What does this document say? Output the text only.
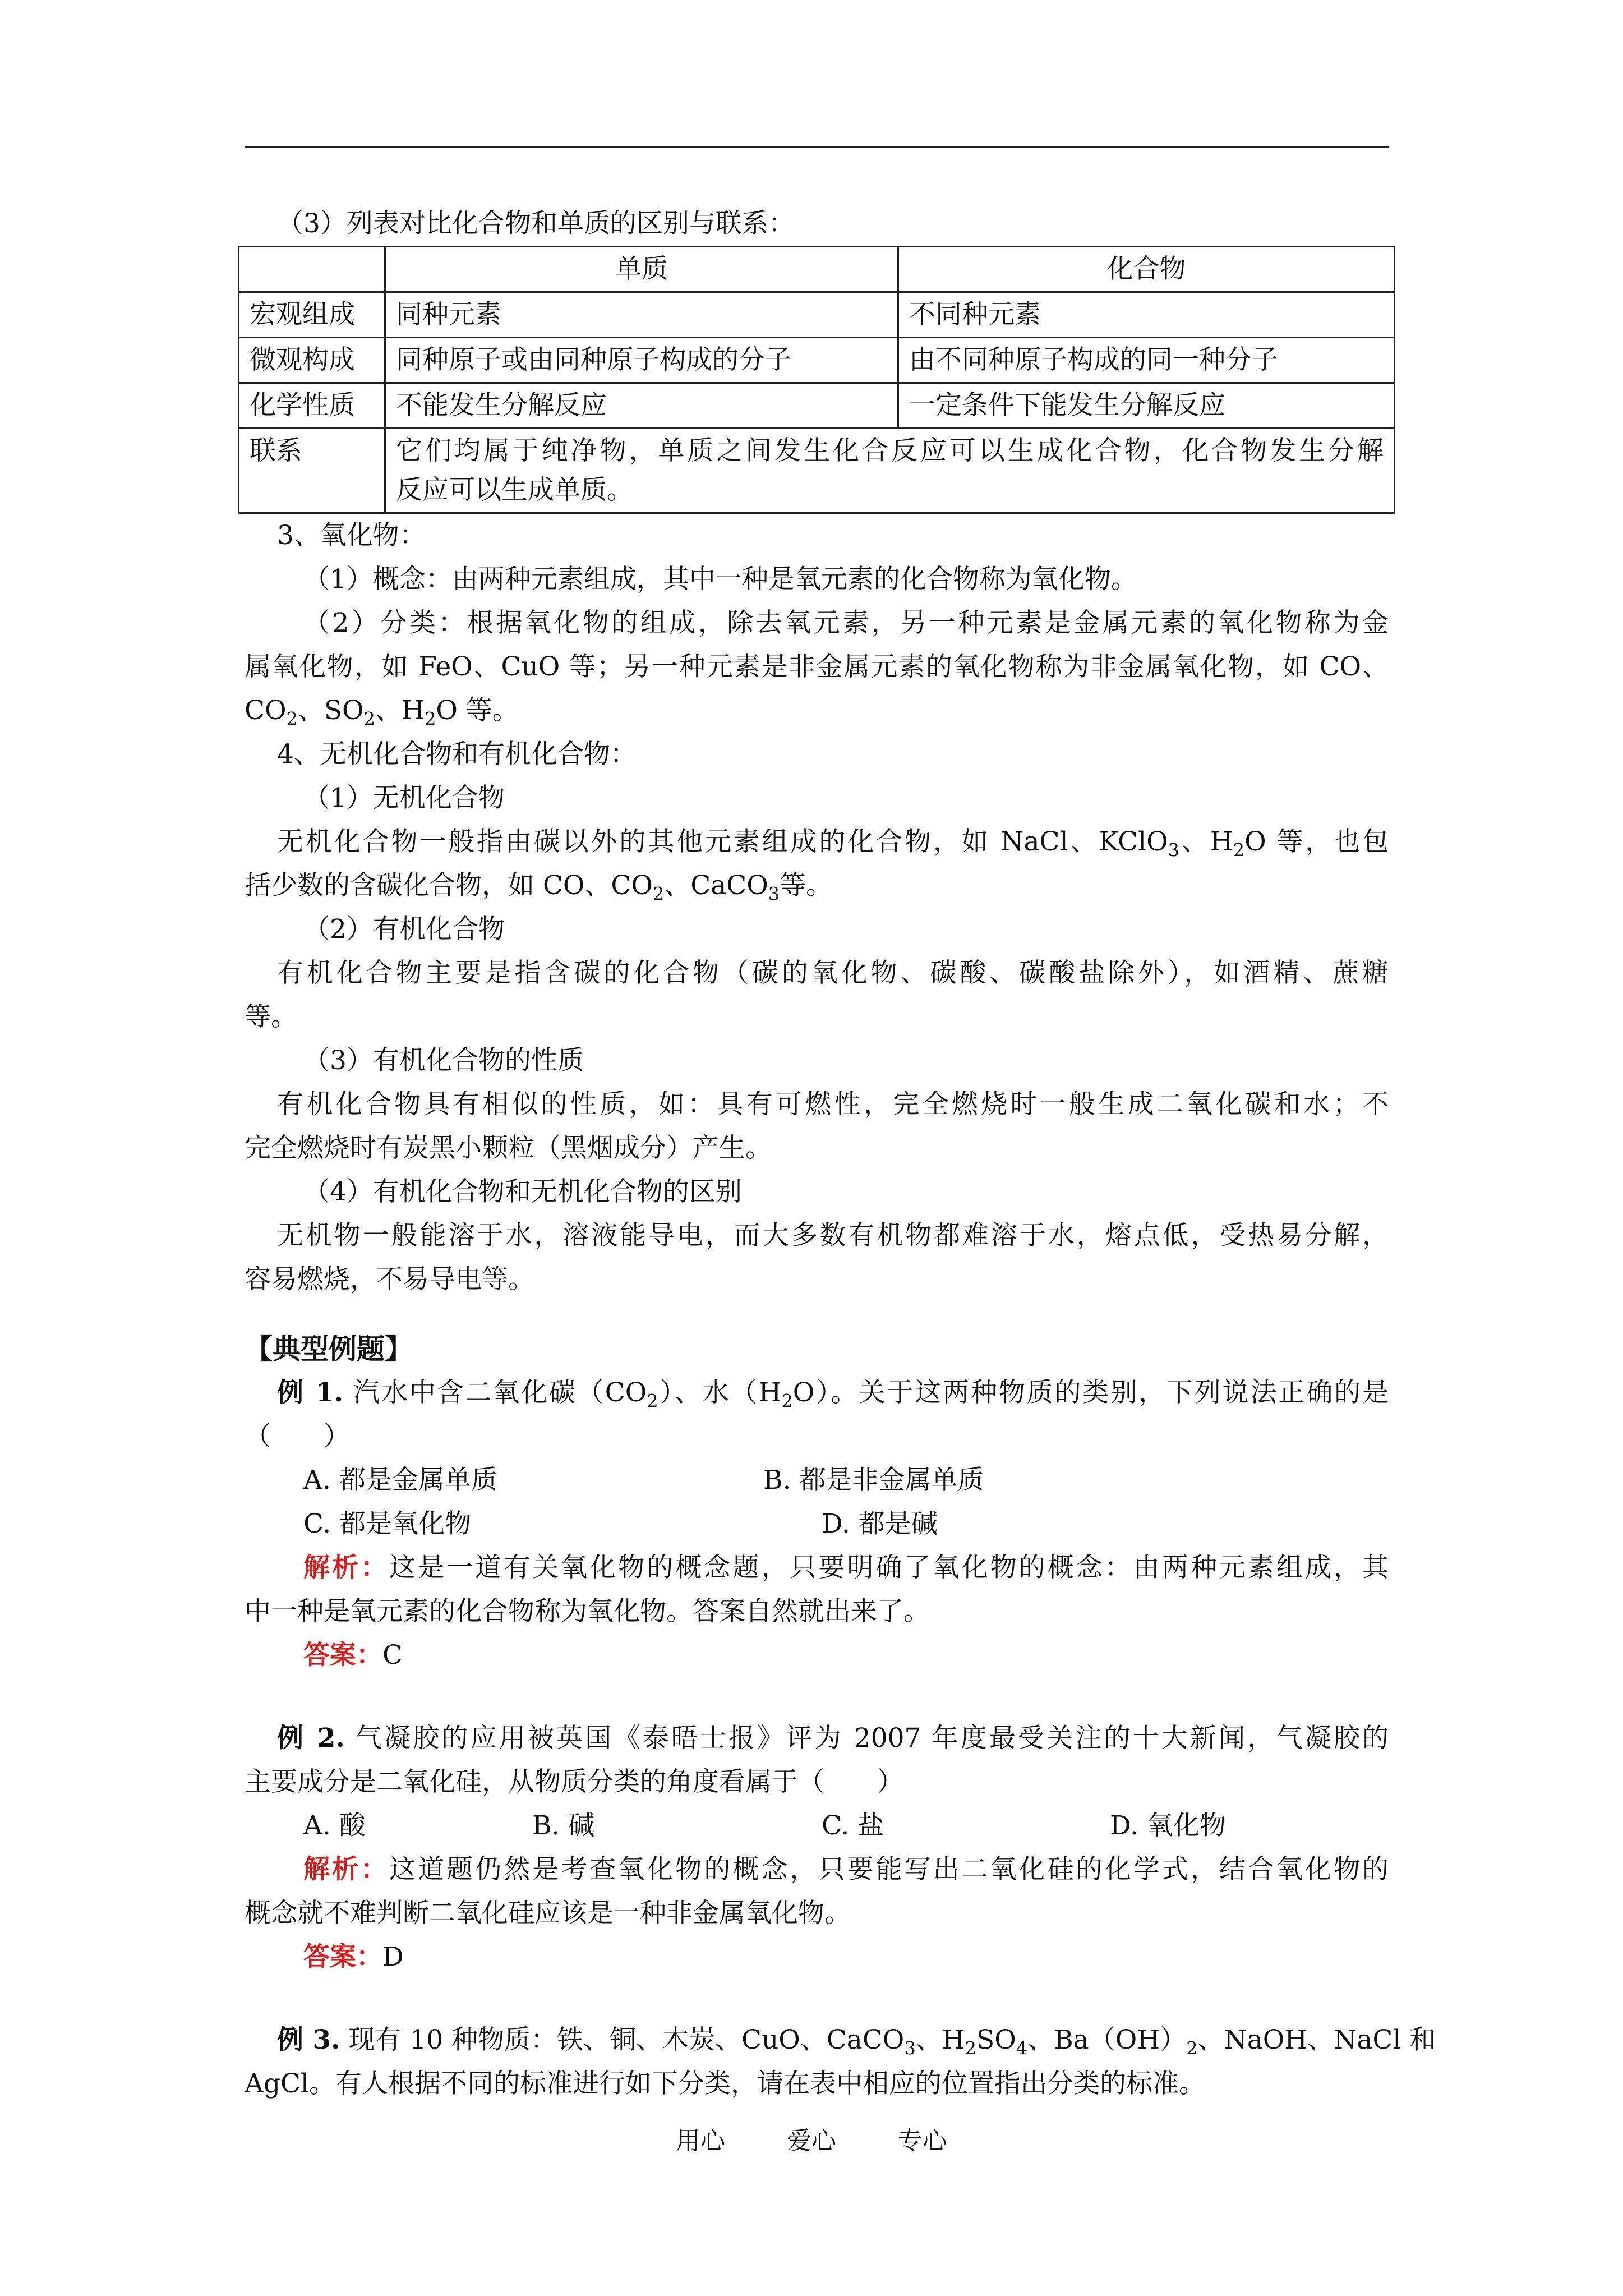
（3）列表对比化合物和单质的区别与联系：
	单质	化合物
宏观组成	同种元素	不同种元素
微观构成	同种原子或由同种原子构成的分子	由不同种原子构成的同一种分子
化学性质	不能发生分解反应	一定条件下能发生分解反应
联系	它们均属于纯净物，单质之间发生化合反应可以生成化合物，化合物发生分解
反应可以生成单质。	
3、氧化物：
（1）概念：由两种元素组成，其中一种是氧元素的化合物称为氧化物。
（2）分类：根据氧化物的组成，除去氧元素，另一种元素是金属元素的氧化物称为金
属氧化物，如 FeO、CuO 等；另一种元素是非金属元素的氧化物称为非金属氧化物，如 CO、
$CO_2$、$SO_2$、$H_2O$ 等。
4、无机化合物和有机化合物：
（1）无机化合物
无机化合物一般指由碳以外的其他元素组成的化合物，如 NaCl、KClO$_3$、$H_2O$ 等，也包
括少数的含碳化合物，如 CO、$CO_2$、CaCO$_3$等。
（2）有机化合物
有机化合物主要是指含碳的化合物（碳的氧化物、碳酸、碳酸盐除外），如酒精、蔗糖
等。
（3）有机化合物的性质
有机化合物具有相似的性质，如：具有可燃性，完全燃烧时一般生成二氧化碳和水；不
完全燃烧时有炭黑小颗粒（黑烟成分）产生。
（4）有机化合物和无机化合物的区别
无机物一般能溶于水，溶液能导电，而大多数有机物都难溶于水，熔点低，受热易分解，
容易燃烧，不易导电等。
【典型例题】
例 1. 汽水中含二氧化碳$(CO_2)$、水$(H_2O)$。关于这两种物质的类别，下列说法正确的是
（　　）
A. 都是金属单质	B. 都是非金属单质
C. 都是氧化物	D. 都是碱
解析：这是一道有关氧化物的概念题，只要明确了氧化物的概念：由两种元素组成，其
中一种是氧元素的化合物称为氧化物。答案自然就出来了。
答案：C
例 2. 气凝胶的应用被英国《泰晤士报》评为 2007 年度最受关注的十大新闻，气凝胶的
主要成分是二氧化硅，从物质分类的角度看属于（　　）
A. 酸	B. 碱	C. 盐	D. 氧化物
解析：这道题仍然是考查氧化物的概念，只要能写出二氧化硅的化学式，结合氧化物的
概念就不难判断二氧化硅应该是一种非金属氧化物。
答案：D
例 3. 现有 10 种物质：铁、铜、木炭、CuO、CaCO$_3$、$H_2SO_4$、$Ba(OH)_2$、NaOH、NaCl 和
AgCl。有人根据不同的标准进行如下分类，请在表中相应的位置指出分类的标准。
用心	爱心	专心
